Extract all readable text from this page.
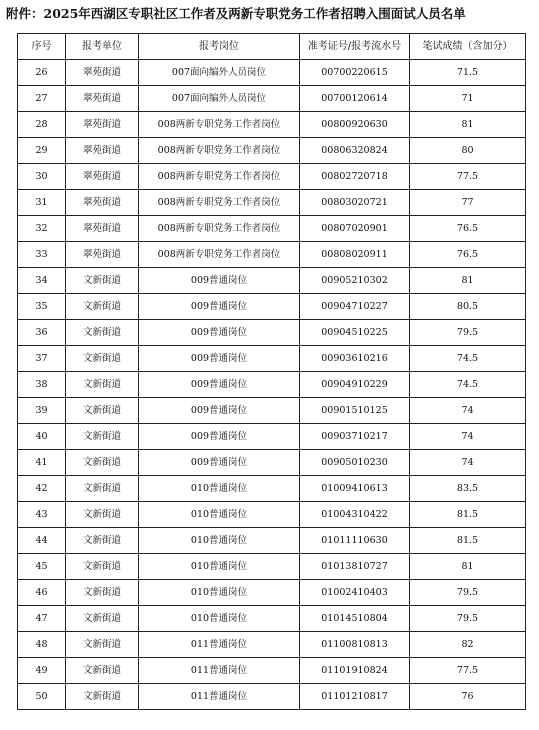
附件：2025年西湖区专职社区工作者及两新专职党务工作者招聘入围面试人员名单
序号	报考单位	报考岗位	准考证号/报考流水号	笔试成绩（含加分）
26	翠苑街道	007面向编外人员岗位	00700220615	71.5
27	翠苑街道	007面向编外人员岗位	00700120614	71
28	翠苑街道	008两新专职党务工作者岗位	00800920630	81
29	翠苑街道	008两新专职党务工作者岗位	00806320824	80
30	翠苑街道	008两新专职党务工作者岗位	00802720718	77.5
31	翠苑街道	008两新专职党务工作者岗位	00803020721	77
32	翠苑街道	008两新专职党务工作者岗位	00807020901	76.5
33	翠苑街道	008两新专职党务工作者岗位	00808020911	76.5
34	文新街道	009普通岗位	00905210302	81
35	文新街道	009普通岗位	00904710227	80.5
36	文新街道	009普通岗位	00904510225	79.5
37	文新街道	009普通岗位	00903610216	74.5
38	文新街道	009普通岗位	00904910229	74.5
39	文新街道	009普通岗位	00901510125	74
40	文新街道	009普通岗位	00903710217	74
41	文新街道	009普通岗位	00905010230	74
42	文新街道	010普通岗位	01009410613	83.5
43	文新街道	010普通岗位	01004310422	81.5
44	文新街道	010普通岗位	01011110630	81.5
45	文新街道	010普通岗位	01013810727	81
46	文新街道	010普通岗位	01002410403	79.5
47	文新街道	010普通岗位	01014510804	79.5
48	文新街道	011普通岗位	01100810813	82
49	文新街道	011普通岗位	01101910824	77.5
50	文新街道	011普通岗位	01101210817	76
